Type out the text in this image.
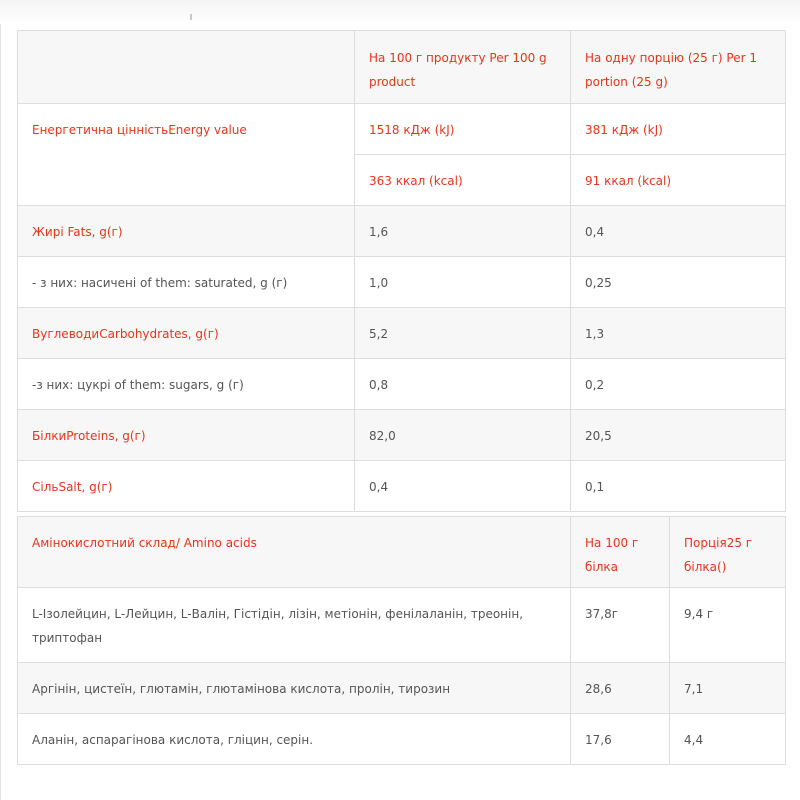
	На 100 г продукту Per 100 g product	На одну порцію (25 г) Per 1 portion (25 g)
Енергетична цінністьEnergy value	1518 кДж (kJ)	381 кДж (kJ)
	363 ккал (kcal)	91 ккал (kcal)
Жирі Fats, g(г)	1,6	0,4
- з них: насичені of them: saturated, g (г)	1,0	0,25
ВуглеводиCarbohydrates, g(г)	5,2	1,3
-з них: цукрі of them: sugars, g (г)	0,8	0,2
БілкиProteins, g(г)	82,0	20,5
СільSalt, g(г)	0,4	0,1
Амінокислотний склад/ Amino acids	На 100 г білка	Порція25 г білка()
L-Ізолейцин, L-Лейцин, L-Валін, Гістідін, лізін, метіонін, фенілаланін, треонін, триптофан	37,8г	9,4 г
Аргінін, цистеїн, глютамін, глютамінова кислота, пролін, тирозин	28,6	7,1
Аланін, аспарагінова кислота, гліцин, серін.	17,6	4,4
